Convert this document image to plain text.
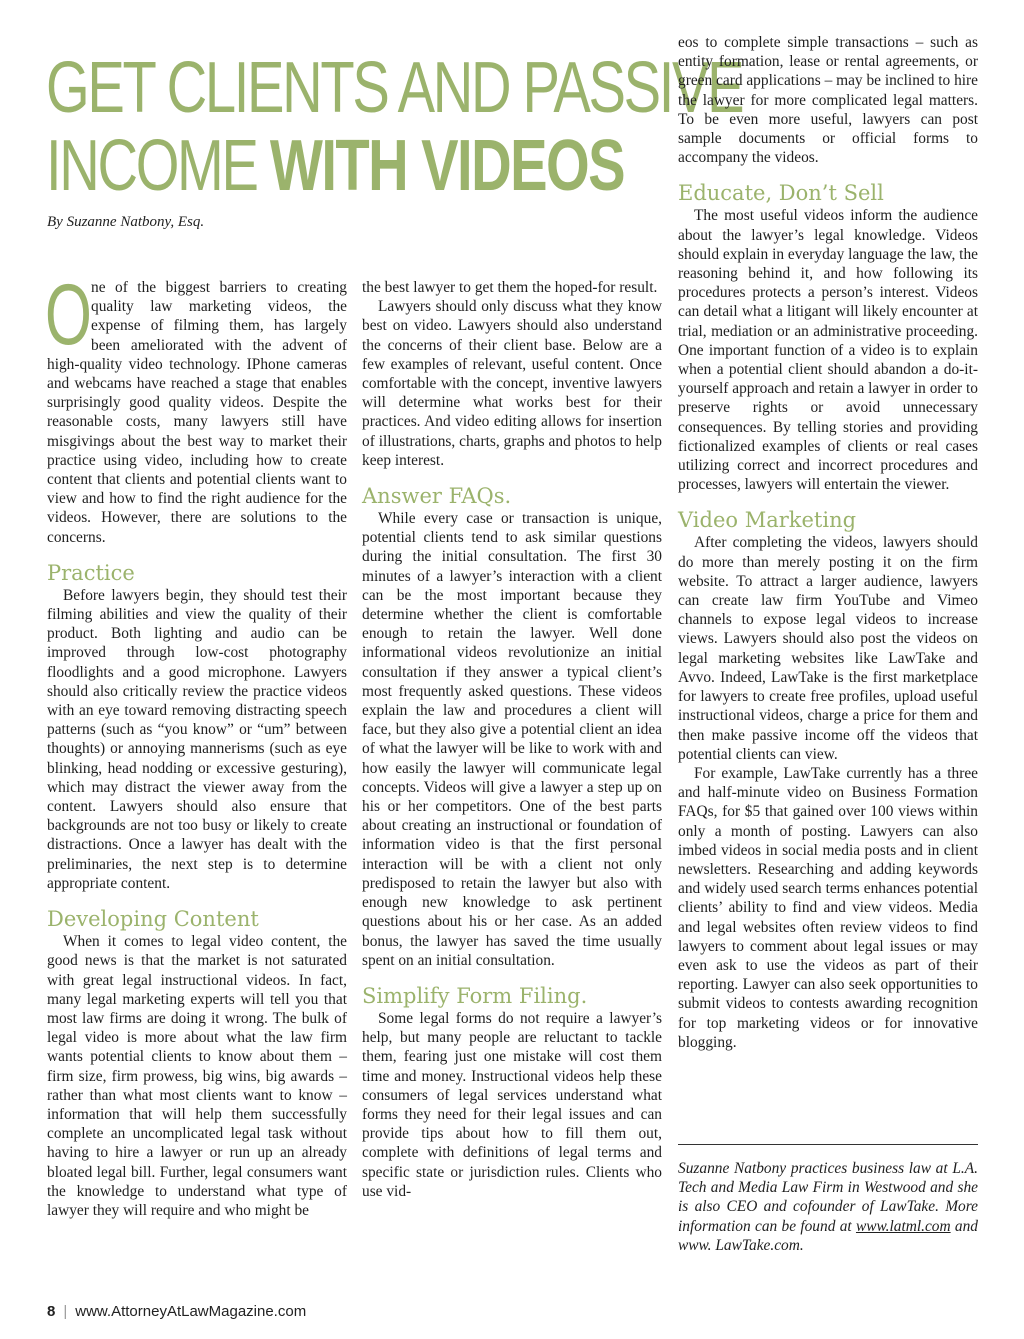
GET CLIENTS AND PASSIVE
INCOME WITH VIDEOS
By Suzanne Natbony, Esq.

One of the biggest barriers to creating quality law marketing videos, the expense of filming them, has largely been ameliorated with the advent of high-quality video technology. IPhone cameras and webcams have reached a stage that enables surprisingly good quality videos. Despite the reasonable costs, many lawyers still have misgivings about the best way to market their practice using video, including how to create content that clients and potential clients want to view and how to find the right audience for the videos. However, there are solutions to the concerns.

Practice

Before lawyers begin, they should test their filming abilities and view the quality of their product. Both lighting and audio can be improved through low-cost photography floodlights and a good microphone. Lawyers should also critically review the practice videos with an eye toward removing distracting speech patterns (such as “you know” or “um” between thoughts) or annoying mannerisms (such as eye blinking, head nodding or excessive gesturing), which may distract the viewer away from the content. Lawyers should also ensure that backgrounds are not too busy or likely to create distractions. Once a lawyer has dealt with the preliminaries, the next step is to determine appropriate content.

Developing Content

When it comes to legal video content, the good news is that the market is not saturated with great legal instructional videos. In fact, many legal marketing experts will tell you that most law firms are doing it wrong. The bulk of legal video is more about what the law firm wants potential clients to know about them – firm size, firm prowess, big wins, big awards – rather than what most clients want to know – information that will help them successfully complete an uncomplicated legal task without having to hire a lawyer or run up an already bloated legal bill. Further, legal consumers want the knowledge to understand what type of lawyer they will require and who might be

the best lawyer to get them the hoped-for result.

Lawyers should only discuss what they know best on video. Lawyers should also understand the concerns of their client base. Below are a few examples of relevant, useful content. Once comfortable with the concept, inventive lawyers will determine what works best for their practices. And video editing allows for insertion of illustrations, charts, graphs and photos to help keep interest.

Answer FAQs.

While every case or transaction is unique, potential clients tend to ask similar questions during the initial consultation. The first 30 minutes of a lawyer’s interaction with a client can be the most important because they determine whether the client is comfortable enough to retain the lawyer. Well done informational videos revolutionize an initial consultation if they answer a typical client’s most frequently asked questions. These videos explain the law and procedures a client will face, but they also give a potential client an idea of what the lawyer will be like to work with and how easily the lawyer will communicate legal concepts. Videos will give a lawyer a step up on his or her competitors. One of the best parts about creating an instructional or foundation of information video is that the first personal interaction will be with a client not only predisposed to retain the lawyer but also with enough new knowledge to ask pertinent questions about his or her case. As an added bonus, the lawyer has saved the time usually spent on an initial consultation.

Simplify Form Filing.

Some legal forms do not require a lawyer’s help, but many people are reluctant to tackle them, fearing just one mistake will cost them time and money. Instructional videos help these consumers of legal services understand what forms they need for their legal issues and can provide tips about how to fill them out, complete with definitions of legal terms and specific state or jurisdiction rules. Clients who use vid-

eos to complete simple transactions – such as entity formation, lease or rental agreements, or green card applications – may be inclined to hire the lawyer for more complicated legal matters. To be even more useful, lawyers can post sample documents or official forms to accompany the videos.

Educate, Don’t Sell

The most useful videos inform the audience about the lawyer’s legal knowledge. Videos should explain in everyday language the law, the reasoning behind it, and how following its procedures protects a person’s interest. Videos can detail what a litigant will likely encounter at trial, mediation or an administrative proceeding. One important function of a video is to explain when a potential client should abandon a do-it-yourself approach and retain a lawyer in order to preserve rights or avoid unnecessary consequences. By telling stories and providing fictionalized examples of clients or real cases utilizing correct and incorrect procedures and processes, lawyers will entertain the viewer.

Video Marketing

After completing the videos, lawyers should do more than merely posting it on the firm website. To attract a larger audience, lawyers can create law firm YouTube and Vimeo channels to expose legal videos to increase views. Lawyers should also post the videos on legal marketing websites like LawTake and Avvo. Indeed, LawTake is the first marketplace for lawyers to create free profiles, upload useful instructional videos, charge a price for them and then make passive income off the videos that potential clients can view.

For example, LawTake currently has a three and half-minute video on Business Formation FAQs, for $5 that gained over 100 views within only a month of posting. Lawyers can also imbed videos in social media posts and in client newsletters. Researching and adding keywords and widely used search terms enhances potential clients’ ability to find and view videos. Media and legal websites often review videos to find lawyers to comment about legal issues or may even ask to use the videos as part of their reporting. Lawyer can also seek opportunities to submit videos to contests awarding recognition for top marketing videos or for innovative blogging.

Suzanne Natbony practices business law at L.A. Tech and Media Law Firm in Westwood and she is also CEO and cofounder of LawTake. More information can be found at www.latml.com and www. LawTake.com.
8 | www.AttorneyAtLawMagazine.com
